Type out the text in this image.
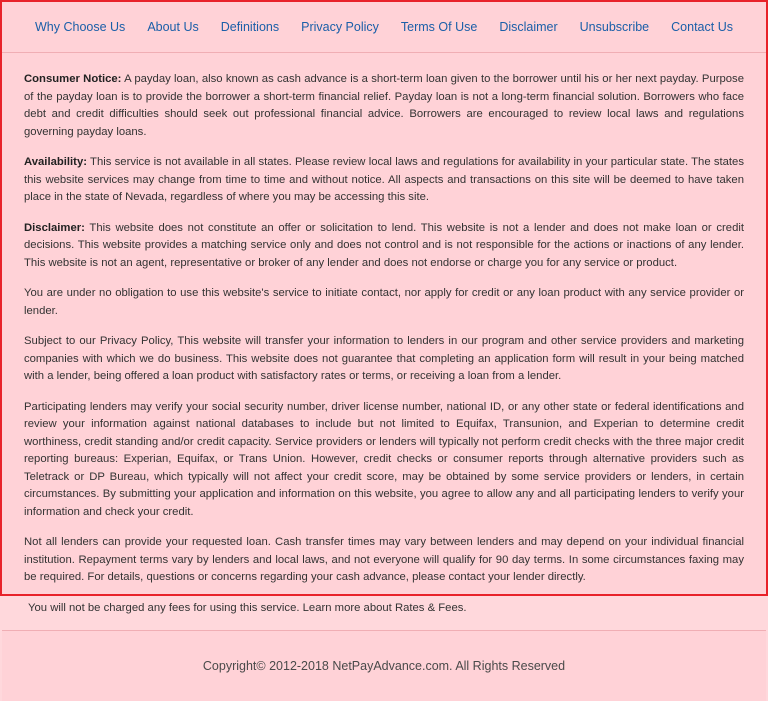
Why Choose Us	About Us	Definitions	Privacy Policy	Terms Of Use	Disclaimer	Unsubscribe	Contact Us

Consumer Notice: A payday loan, also known as cash advance is a short-term loan given to the borrower until his or her next payday. Purpose of the payday loan is to provide the borrower a short-term financial relief. Payday loan is not a long-term financial solution. Borrowers who face debt and credit difficulties should seek out professional financial advice. Borrowers are encouraged to review local laws and regulations governing payday loans.

Availability: This service is not available in all states. Please review local laws and regulations for availability in your particular state. The states this website services may change from time to time and without notice. All aspects and transactions on this site will be deemed to have taken place in the state of Nevada, regardless of where you may be accessing this site.

Disclaimer: This website does not constitute an offer or solicitation to lend. This website is not a lender and does not make loan or credit decisions. This website provides a matching service only and does not control and is not responsible for the actions or inactions of any lender. This website is not an agent, representative or broker of any lender and does not endorse or charge you for any service or product.

You are under no obligation to use this website's service to initiate contact, nor apply for credit or any loan product with any service provider or lender.

Subject to our Privacy Policy, This website will transfer your information to lenders in our program and other service providers and marketing companies with which we do business. This website does not guarantee that completing an application form will result in your being matched with a lender, being offered a loan product with satisfactory rates or terms, or receiving a loan from a lender.

Participating lenders may verify your social security number, driver license number, national ID, or any other state or federal identifications and review your information against national databases to include but not limited to Equifax, Transunion, and Experian to determine credit worthiness, credit standing and/or credit capacity. Service providers or lenders will typically not perform credit checks with the three major credit reporting bureaus: Experian, Equifax, or Trans Union. However, credit checks or consumer reports through alternative providers such as Teletrack or DP Bureau, which typically will not affect your credit score, may be obtained by some service providers or lenders, in certain circumstances. By submitting your application and information on this website, you agree to allow any and all participating lenders to verify your information and check your credit.

Not all lenders can provide your requested loan. Cash transfer times may vary between lenders and may depend on your individual financial institution. Repayment terms vary by lenders and local laws, and not everyone will qualify for 90 day terms. In some circumstances faxing may be required. For details, questions or concerns regarding your cash advance, please contact your lender directly.

You will not be charged any fees for using this service. Learn more about Rates & Fees.

Copyright© 2012-2018 NetPayAdvance.com. All Rights Reserved
